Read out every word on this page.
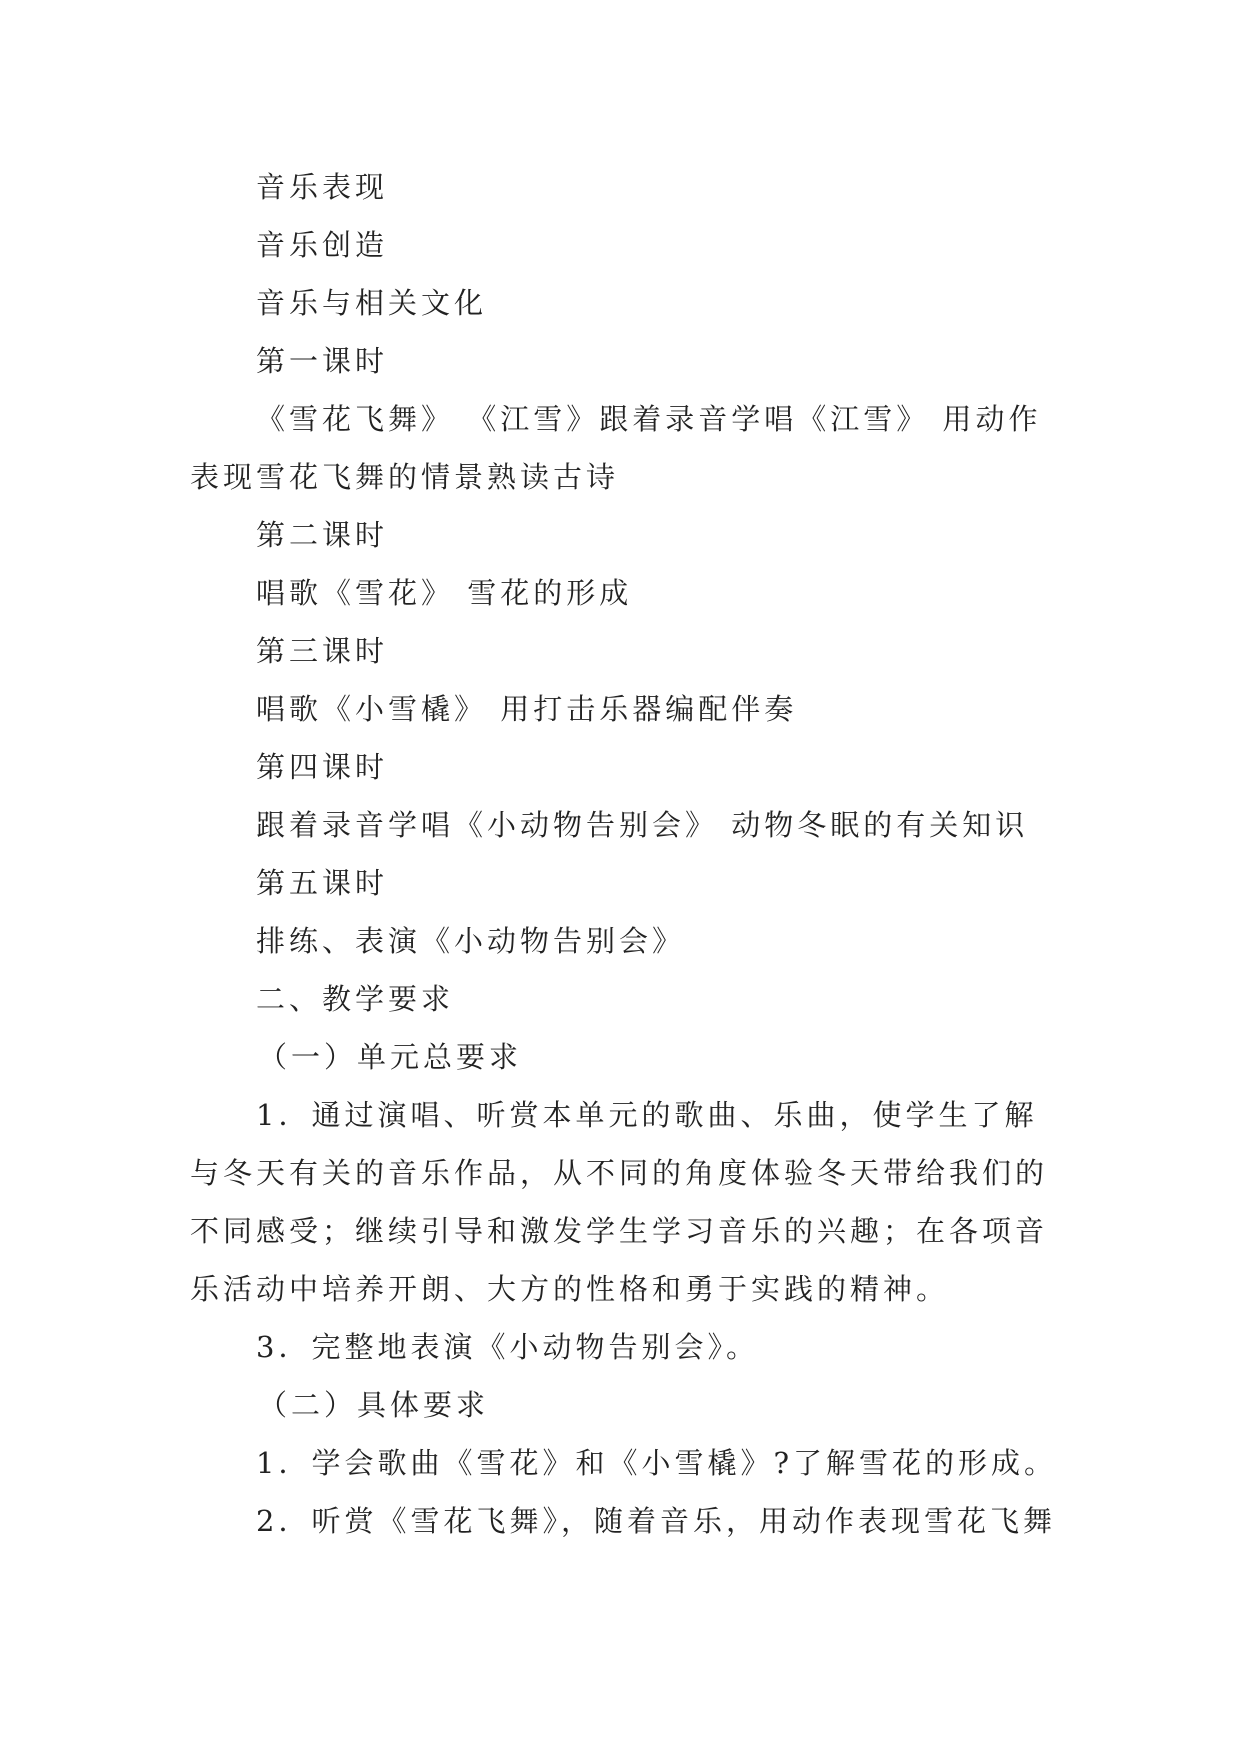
音乐表现
音乐创造
音乐与相关文化
第一课时
《雪花飞舞》 《江雪》跟着录音学唱《江雪》 用动作
表现雪花飞舞的情景熟读古诗
第二课时
唱歌《雪花》 雪花的形成
第三课时
唱歌《小雪橇》 用打击乐器编配伴奏
第四课时
跟着录音学唱《小动物告别会》 动物冬眠的有关知识
第五课时
排练、表演《小动物告别会》
二、教学要求
（一）单元总要求
1．通过演唱、听赏本单元的歌曲、乐曲，使学生了解
与冬天有关的音乐作品，从不同的角度体验冬天带给我们的
不同感受；继续引导和激发学生学习音乐的兴趣；在各项音
乐活动中培养开朗、大方的性格和勇于实践的精神。
3．完整地表演《小动物告别会》。
（二）具体要求
1．学会歌曲《雪花》和《小雪橇》?了解雪花的形成。
2．听赏《雪花飞舞》，随着音乐，用动作表现雪花飞舞
